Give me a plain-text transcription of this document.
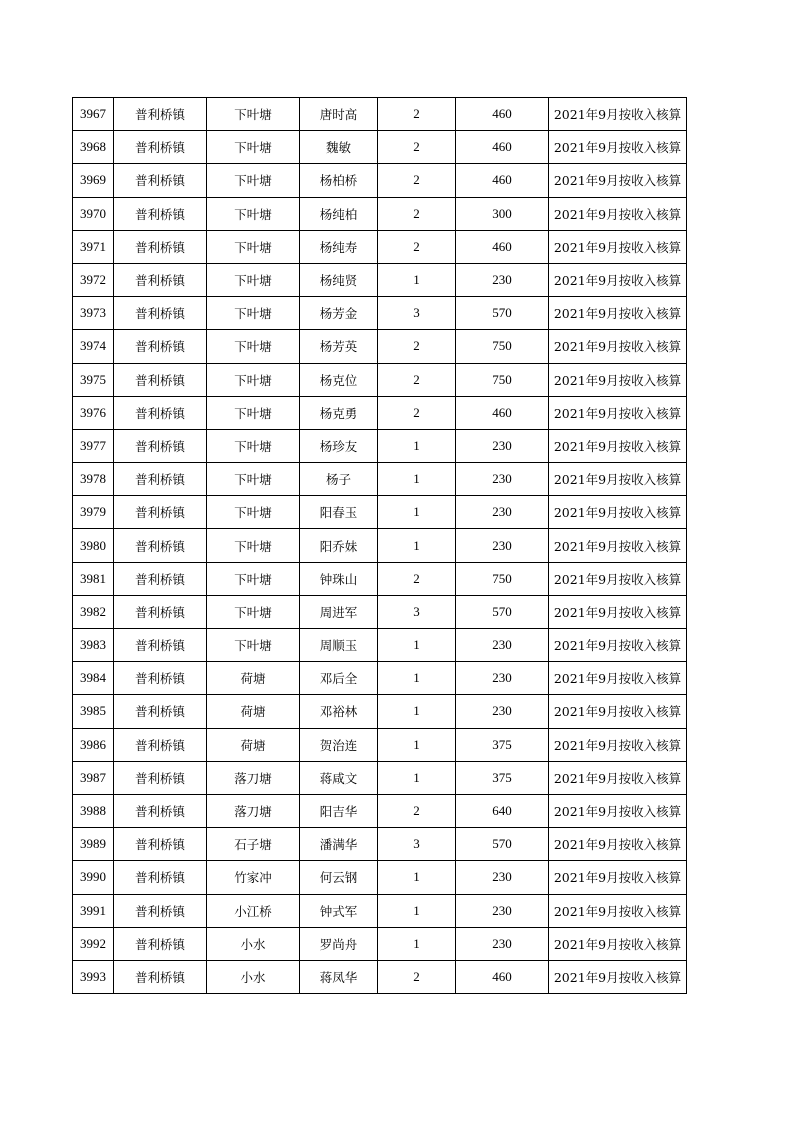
3967	普利桥镇	下叶塘	唐时高	2	460	2021年9月按收入核算
3968	普利桥镇	下叶塘	魏敏	2	460	2021年9月按收入核算
3969	普利桥镇	下叶塘	杨柏桥	2	460	2021年9月按收入核算
3970	普利桥镇	下叶塘	杨纯柏	2	300	2021年9月按收入核算
3971	普利桥镇	下叶塘	杨纯寿	2	460	2021年9月按收入核算
3972	普利桥镇	下叶塘	杨纯贤	1	230	2021年9月按收入核算
3973	普利桥镇	下叶塘	杨芳金	3	570	2021年9月按收入核算
3974	普利桥镇	下叶塘	杨芳英	2	750	2021年9月按收入核算
3975	普利桥镇	下叶塘	杨克位	2	750	2021年9月按收入核算
3976	普利桥镇	下叶塘	杨克勇	2	460	2021年9月按收入核算
3977	普利桥镇	下叶塘	杨珍友	1	230	2021年9月按收入核算
3978	普利桥镇	下叶塘	杨子	1	230	2021年9月按收入核算
3979	普利桥镇	下叶塘	阳春玉	1	230	2021年9月按收入核算
3980	普利桥镇	下叶塘	阳乔妹	1	230	2021年9月按收入核算
3981	普利桥镇	下叶塘	钟珠山	2	750	2021年9月按收入核算
3982	普利桥镇	下叶塘	周进军	3	570	2021年9月按收入核算
3983	普利桥镇	下叶塘	周顺玉	1	230	2021年9月按收入核算
3984	普利桥镇	荷塘	邓后全	1	230	2021年9月按收入核算
3985	普利桥镇	荷塘	邓裕林	1	230	2021年9月按收入核算
3986	普利桥镇	荷塘	贺治连	1	375	2021年9月按收入核算
3987	普利桥镇	落刀塘	蒋咸文	1	375	2021年9月按收入核算
3988	普利桥镇	落刀塘	阳吉华	2	640	2021年9月按收入核算
3989	普利桥镇	石子塘	潘满华	3	570	2021年9月按收入核算
3990	普利桥镇	竹家冲	何云钢	1	230	2021年9月按收入核算
3991	普利桥镇	小江桥	钟式军	1	230	2021年9月按收入核算
3992	普利桥镇	小水	罗尚舟	1	230	2021年9月按收入核算
3993	普利桥镇	小水	蒋凤华	2	460	2021年9月按收入核算
